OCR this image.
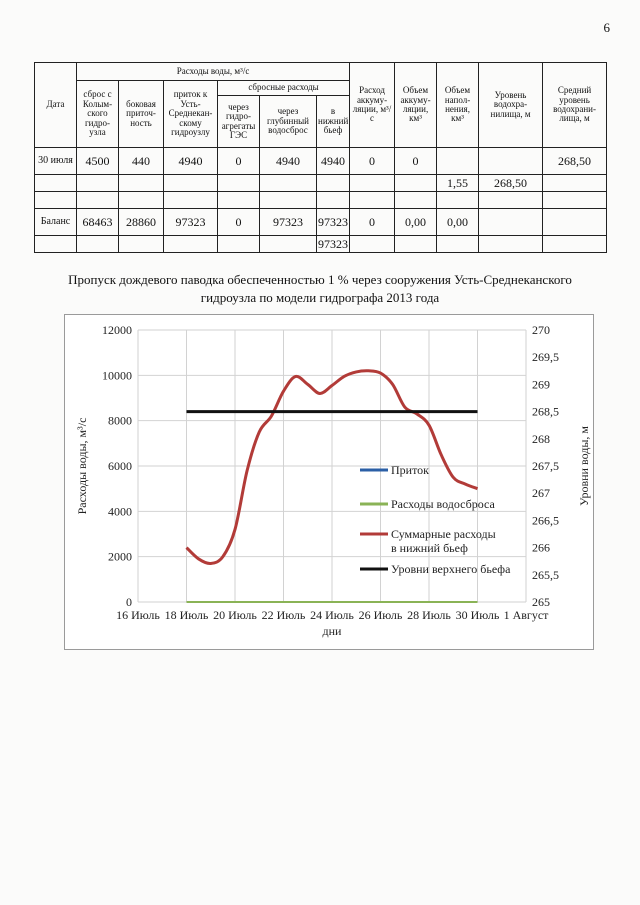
6
Дата	Расходы воды, м³/с						Расход аккуму-ляции, м³/с	Объем аккуму-ляции, км³	Объем напол-нения, км³	Уровень водохра-нилища, м	Средний уровень водохрани-лища, м
	сброс с Колым-ского гидро-узла	боковая приточ-ность	приток к Усть-Среднекан-скому гидроузлу	сбросные расходы							
				через гидро-агрегаты ГЭС	через глубинный водосброс	в нижний бьеф					
30 июля	4500	440	4940	0	4940	4940	0	0			268,50
									1,55	268,50	

Баланс	68463	28860	97323	0	97323	97323	0	0,00	0,00		
						97323					
Пропуск дождевого паводка обеспеченностью 1 % через сооружения Усть-Среднеканского гидроузла по модели гидрографа 2013 года
16 Июль 18 Июль 20 Июль 22 Июль 24 Июль 26 Июль 28 Июль 30 Июль 1 Август
0
2000
4000
6000
8000
10000
12000
265
265,5
266
266,5
267
267,5
268
268,5
269
269,5
270
Расходы воды, м³/с	Уровни воды, м
дни
Приток
Расходы водосброса
Суммарные расходы
в нижний бьеф
Уровни верхнего бьефа
